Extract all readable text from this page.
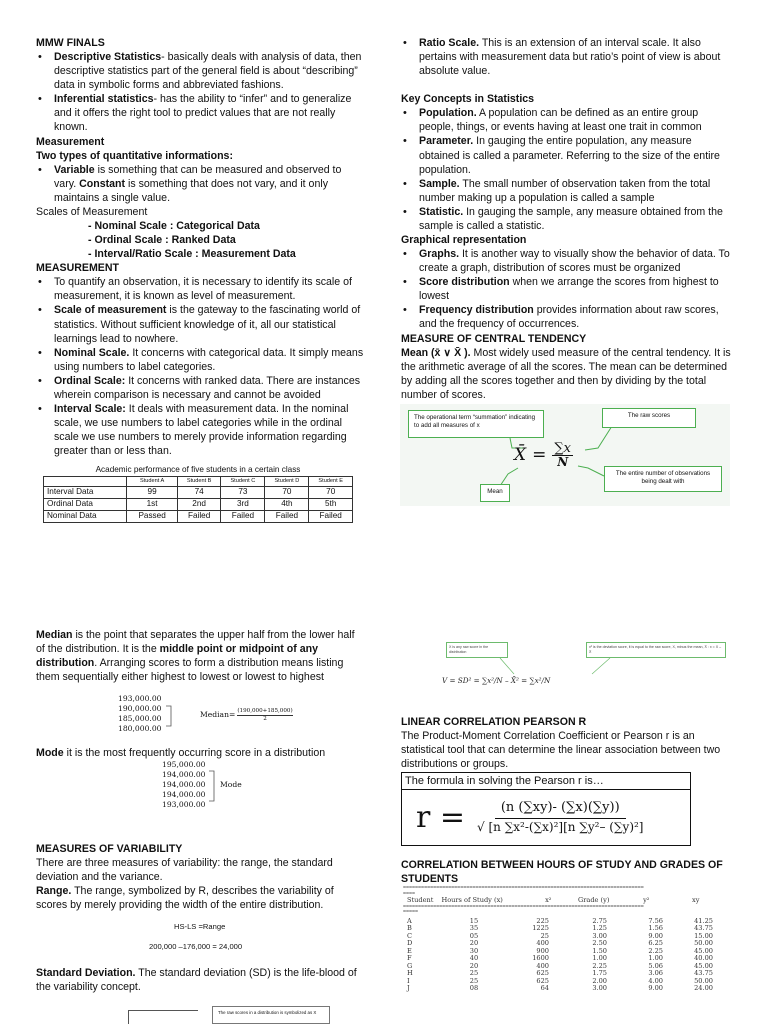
MMW FINALS
• Descriptive Statistics- basically deals with analysis of data, then descriptive statistics part of the general field is about “describing” data in symbolic forms and abbreviated fashions.
• Inferential statistics- has the ability to “infer” and to generalize and it offers the right tool to predict values that are not really known.
Measurement
Two types of quantitative informations:
• Variable is something that can be measured and observed to vary. Constant is something that does not vary, and it only maintains a single value.
Scales of Measurement
- Nominal Scale : Categorical Data
- Ordinal Scale : Ranked Data
- Interval/Ratio Scale : Measurement Data
MEASUREMENT
• To quantify an observation, it is necessary to identify its scale of measurement, it is known as level of measurement.
• Scale of measurement is the gateway to the fascinating world of statistics. Without sufficient knowledge of it, all our statistical learnings lead to nowhere.
• Nominal Scale. It concerns with categorical data. It simply means using numbers to label categories.
• Ordinal Scale: It concerns with ranked data. There are instances wherein comparison is necessary and cannot be avoided
• Interval Scale: It deals with measurement data. In the nominal scale, we use numbers to label categories while in the ordinal scale we use numbers to merely provide information regarding greater than or less than.
Academic performance of five students in a certain class
	Student A	Student B	Student C	Student D	Student E
Interval Data	99	74	73	70	70
Ordinal Data	1st	2nd	3rd	4th	5th
Nominal Data	Passed	Failed	Failed	Failed	Failed
• Ratio Scale. This is an extension of an interval scale. It also pertains with measurement data but ratio’s point of view is about absolute value.
Key Concepts in Statistics
• Population. A population can be defined as an entire group people, things, or events having at least one trait in common
• Parameter. In gauging the entire population, any measure obtained is called a parameter. Referring to the size of the entire population.
• Sample. The small number of observation taken from the total number making up a population is called a sample
• Statistic. In gauging the sample, any measure obtained from the sample is called a statistic.
Graphical representation
• Graphs. It is another way to visually show the behavior of data. To create a graph, distribution of scores must be organized
• Score distribution when we arrange the scores from highest to lowest
• Frequency distribution provides information about raw scores, and the frequency of occurrences.
MEASURE OF CENTRAL TENDENCY
Mean (x̄ ∨ X̄ ). Most widely used measure of the central tendency. It is the arithmetic average of all the scores. The mean can be determined by adding all the scores together and then by dividing by the total number of scores.
The operational term “summation” indicating to add all measures of x
The raw scores
The entire number of observations being dealt with
Mean
X̄ = $\frac{\sum x}{N}$
Median is the point that separates the upper half from the lower half of the distribution. It is the middle point or midpoint of any distribution. Arranging scores to form a distribution means listing them sequentially either highest to lowest or lowest to highest
193,000.00
190,000.00
185,000.00
180,000.00
Median= $\frac{(190,000+185,000)}{2}$
Mode it is the most frequently occurring score in a distribution
195,000.00
194,000.00
194,000.00
194,000.00
193,000.00
Mode
MEASURES OF VARIABILITY
There are three measures of variability: the range, the standard deviation and the variance.
Range. The range, symbolized by R, describes the variability of scores by merely providing the width of the entire distribution.
HS-LS =Range
200,000 –176,000 = 24,000
Standard Deviation. The standard deviation (SD) is the life-blood of the variability concept.
The raw scores in a distribution is symbolized as X
X is any raw score in the distribution
x² is the deviation score, it is equal to the raw score, X, minus the mean, X̄ : x = X – X̄
V = SD² = ∑x²/N – X̄² = ∑x²/N
LINEAR CORRELATION PEARSON R
The Product-Moment Correlation Coefficient or Pearson r is an statistical tool that can determine the linear association between two distributions or groups.
The formula in solving the Pearson r is…
$r = \frac{(n (\sum xy)- (\sum x)(\sum y))}{\text{√ [n ∑x²-(∑x)²][n ∑y²– (∑y)²]}}$
CORRELATION BETWEEN HOURS OF STUDY AND GRADES OF STUDENTS
================================================================================
====
Student	Hours of Study (x)	x²	Grade (y)	y²	xy
================================================================================
=====
A	15	225	2.75	7.56	41.25
B	35	1225	1.25	1.56	43.75
C	05	25	3.00	9.00	15.00
D	20	400	2.50	6.25	50.00
E	30	900	1.50	2.25	45.00
F	40	1600	1.00	1.00	40.00
G	20	400	2.25	5.06	45.00
H	25	625	1.75	3.06	43.75
I	25	625	2.00	4.00	50.00
J	08	64	3.00	9.00	24.00
